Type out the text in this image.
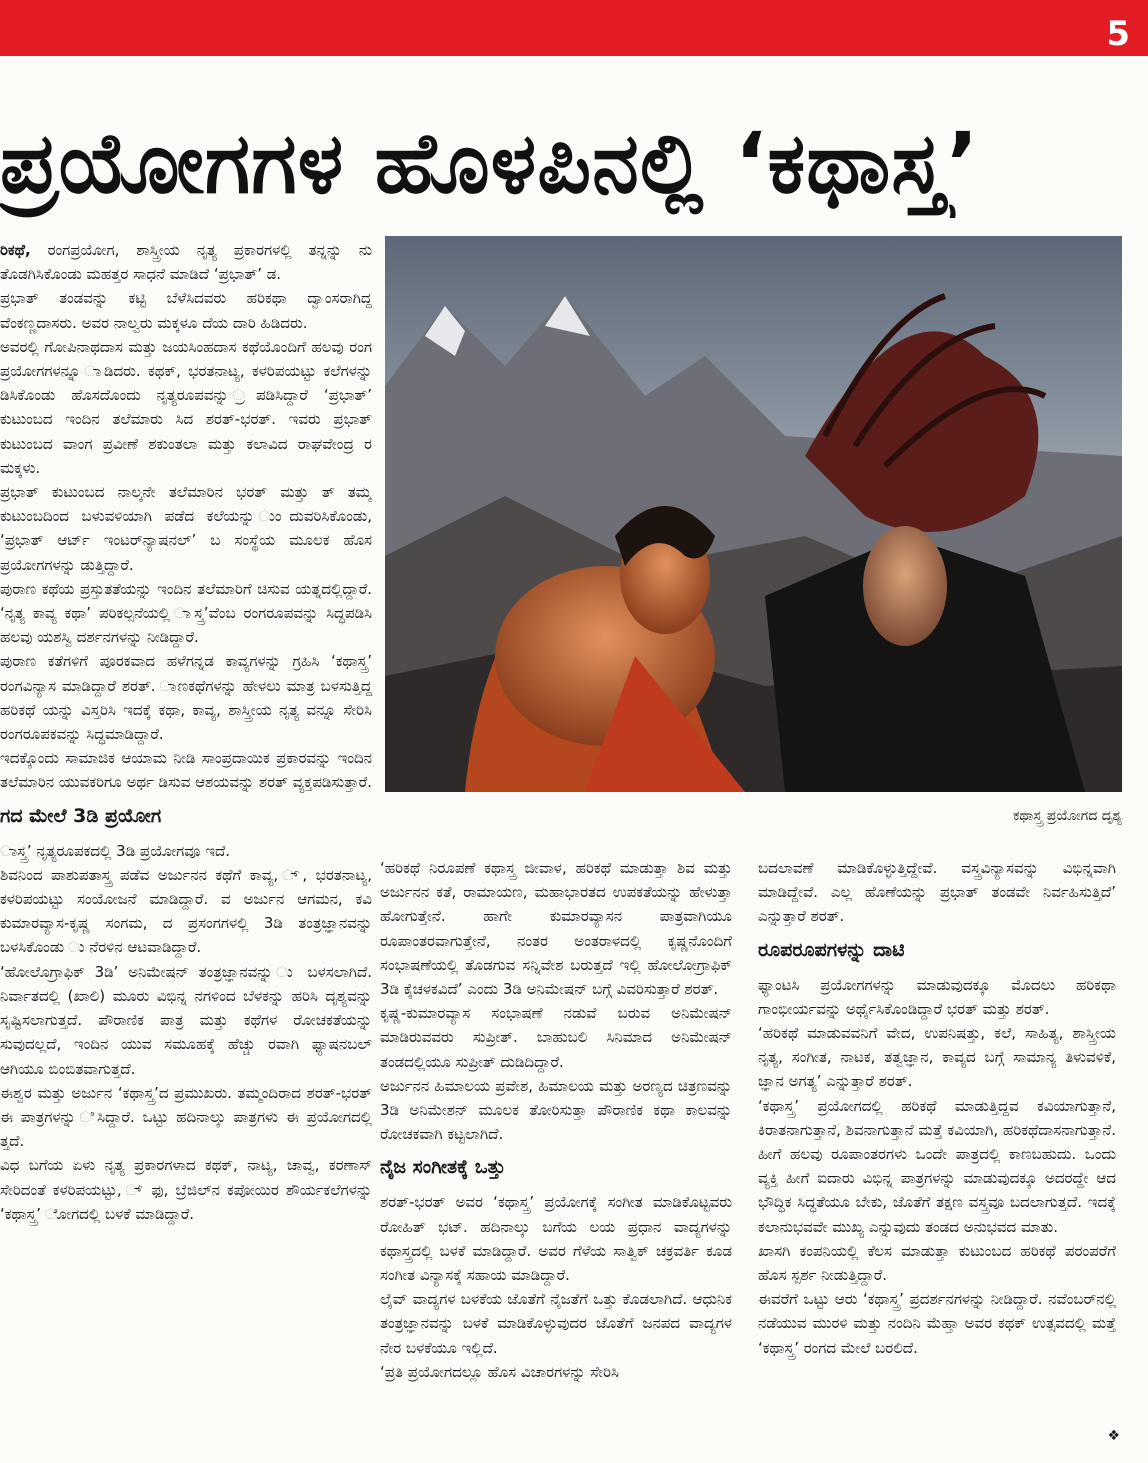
5
ಪ್ರಯೋಗಗಳ ಹೊಳಪಿನಲ್ಲಿ ‘ಕಥಾಸ್ತ್ರ’

ರಿಕಥೆ, ರಂಗಪ್ರಯೋಗ, ಶಾಸ್ತ್ರೀಯ ನೃತ್ಯ ಪ್ರಕಾರಗಳಲ್ಲಿ ತನ್ನನ್ನು ನು ತೊಡಗಿಸಿಕೊಂಡು ಮಹತ್ತರ ಸಾಧನೆ ಮಾಡಿದೆ ‘ಪ್ರಭಾತ್’ ಡ.

ಪ್ರಭಾತ್ ತಂಡವನ್ನು ಕಟ್ಟಿ ಬೆಳೆಸಿದವರು ಹರಿಕಥಾ ದ್ವಾಂಸರಾಗಿದ್ದ ವೆಂಕಣ್ಣದಾಸರು. ಅವರ ನಾಲ್ವರು ಮಕ್ಕಳೂ ದೆಯ ದಾರಿ ಹಿಡಿದರು.

ಅವರಲ್ಲಿ ಗೋಪಿನಾಥದಾಸ ಮತ್ತು ಜಯಸಿಂಹದಾಸ ಕಥೆಯೊಂದಿಗೆ ಹಲವು ರಂಗ ಪ್ರಯೋಗಗಳನ್ನೂ ಾಡಿದರು. ಕಥಕ್, ಭರತನಾಟ್ಯ, ಕಳರಿಪಯಟ್ಟು ಕಲೆಗಳನ್ನು ಡಿಸಿಕೊಂಡು ಹೊಸದೊಂದು ನೃತ್ಯರೂಪವನ್ನು ್ರಪಡಿಸಿದ್ದಾರೆ ‘ಪ್ರಭಾತ್’ ಕುಟುಂಬದ ಇಂದಿನ ತಲೆಮಾರು ಸಿದ ಶರತ್-ಭರತ್. ಇವರು ಪ್ರಭಾತ್ ಕುಟುಂಬದ ವಾಂಗ ಪ್ರವೀಣೆ ಶಕುಂತಲಾ ಮತ್ತು ಕಲಾವಿದ ರಾಘವೇಂದ್ರ ರ ಮಕ್ಕಳು.

ಪ್ರಭಾತ್ ಕುಟುಂಬದ ನಾಲ್ಕನೇ ತಲೆಮಾರಿನ ಭರತ್ ಮತ್ತು ತ್ ತಮ್ಮ ಕುಟುಂಬದಿಂದ ಬಳುವಳಿಯಾಗಿ ಪಡೆದ ಕಲೆಯನ್ನು ುಂದುವರಿಸಿಕೊಂಡು, ‘ಪ್ರಭಾತ್ ಆರ್ಟ್ ಇಂಟರ್‌ನ್ಯಾಷನಲ್’ ಬ ಸಂಸ್ಥೆಯ ಮೂಲಕ ಹೊಸ ಪ್ರಯೋಗಗಳನ್ನು ಡುತ್ತಿದ್ದಾರೆ.

ಪುರಾಣ ಕಥೆಯ ಪ್ರಸ್ತುತತೆಯನ್ನು ಇಂದಿನ ತಲೆಮಾರಿಗೆ ಚಿಸುವ ಯತ್ನದಲ್ಲಿದ್ದಾರೆ. ‘ನೃತ್ಯ ಕಾವ್ಯ ಕಥಾ’ ಪರಿಕಲ್ಪನೆಯಲ್ಲಿ ಾಸ್ತ್ರ’ವೆಂಬ ರಂಗರೂಪವನ್ನು ಸಿದ್ಧಪಡಿಸಿ ಹಲವು ಯಶಸ್ವಿ ದರ್ಶನಗಳನ್ನು ನೀಡಿದ್ದಾರೆ.

ಪುರಾಣ ಕತೆಗಳಿಗೆ ಪೂರಕವಾದ ಹಳೆಗನ್ನಡ ಕಾವ್ಯಗಳನ್ನು ಗ್ರಹಿಸಿ ‘ಕಥಾಸ್ತ್ರ’ ರಂಗವಿನ್ಯಾಸ ಮಾಡಿದ್ದಾರೆ ಶರತ್. ಾಣಕಥೆಗಳನ್ನು ಹೇಳಲು ಮಾತ್ರ ಬಳಸುತ್ತಿದ್ದ ಹರಿಕಥೆ ಯನ್ನು ವಿಸ್ತರಿಸಿ ಇದಕ್ಕೆ ಕಥಾ, ಕಾವ್ಯ, ಶಾಸ್ತ್ರೀಯ ನೃತ್ಯ ವನ್ನೂ ಸೇರಿಸಿ ರಂಗರೂಪಕವನ್ನು ಸಿದ್ಧಮಾಡಿದ್ದಾರೆ.

ಇದಕ್ಕೊಂದು ಸಾಮಾಜಿಕ ಆಯಾಮ ನೀಡಿ ಸಾಂಪ್ರದಾಯಿಕ ಪ್ರಕಾರವನ್ನು ಇಂದಿನ ತಲೆಮಾರಿನ ಯುವಕರಿಗೂ ಅರ್ಥ ಡಿಸುವ ಆಶಯವನ್ನು ಶರತ್ ವ್ಯಕ್ತಪಡಿಸುತ್ತಾರೆ.

ಗದ ಮೇಲೆ 3ಡಿ ಪ್ರಯೋಗ

ಾಸ್ತ್ರ’ ನೃತ್ಯರೂಪಕದಲ್ಲಿ 3ಡಿ ಪ್ರಯೋಗವೂ ಇದೆ.

ಶಿವನಿಂದ ಪಾಶುಪತಾಸ್ತ್ರ ಪಡೆವ ಅರ್ಜುನನ ಕಥೆಗೆ ಕಾವ್ಯ, ್, ಭರತನಾಟ್ಯ, ಕಳರಿಪಯಟ್ಟು ಸಂಯೋಜನೆ ಮಾಡಿದ್ದಾರೆ. ವ ಅರ್ಜುನ ಆಗಮನ, ಕವಿ ಕುಮಾರವ್ಯಾಸ-ಕೃಷ್ಣ ಸಂಗಮ, ದ ಪ್ರಸಂಗಗಳಲ್ಲಿ 3ಡಿ ತಂತ್ರಜ್ಞಾನವನ್ನು ಬಳಸಿಕೊಂಡು ು ನೆರಳಿನ ಆಟವಾಡಿದ್ದಾರೆ.

‘ಹೋಲೊಗ್ರಾಫಿಕ್ 3ಡಿ’ ಅನಿಮೇಷನ್ ತಂತ್ರಜ್ಞಾನವನ್ನು ು ಬಳಸಲಾಗಿದೆ. ನಿರ್ವಾತದಲ್ಲಿ (ಖಾಲಿ) ಮೂರು ವಿಭಿನ್ನ ನಗಳಿಂದ ಬೆಳಕನ್ನು ಹರಿಸಿ ದೃಶ್ಯವನ್ನು ಸೃಷ್ಟಿಸಲಾಗುತ್ತದೆ. ಪೌರಾಣಿಕ ಪಾತ್ರ ಮತ್ತು ಕಥೆಗಳ ರೋಚಕತೆಯನ್ನು ಸುವುದಲ್ಲದೆ, ಇಂದಿನ ಯುವ ಸಮೂಹಕ್ಕೆ ಹೆಚ್ಚು ರವಾಗಿ ಫ್ಯಾಷನಬಲ್ ಆಗಿಯೂ ಬಿಂಬಿತವಾಗುತ್ತದೆ.

ಈಶ್ವರ ಮತ್ತು ಅರ್ಜುನ ‘ಕಥಾಸ್ತ್ರ’ದ ಪ್ರಮುಖರು. ತಮ್ಮಂದಿರಾದ ಶರತ್-ಭರತ್ ಈ ಪಾತ್ರಗಳನ್ನು ಿಸಿದ್ದಾರೆ. ಒಟ್ಟು ಹದಿನಾಲ್ಕು ಪಾತ್ರಗಳು ಈ ಪ್ರಯೋಗದಲ್ಲಿ ತ್ತದೆ.

ವಿಧ ಬಗೆಯ ಏಳು ನೃತ್ಯ ಪ್ರಕಾರಗಳಾದ ಕಥಕ್, ನಾಟ್ಯ, ಚಾವ್ವ, ಕರಣಾಸ್ ಸೇರಿದಂತೆ ಕಳರಿಪಯಟ್ಟು, ್ ಫು, ಬ್ರೆಜಿಲ್‌ನ ಕಪೋಯಿರ ಶೌರ್ಯಕಲೆಗಳನ್ನು ‘ಕಥಾಸ್ತ್ರ’ ೋಗದಲ್ಲಿ ಬಳಕೆ ಮಾಡಿದ್ದಾರೆ.

ಕಥಾಸ್ತ್ರ ಪ್ರಯೋಗದ ದೃಶ್ಯ

‘ಹರಿಕಥೆ ನಿರೂಪಣೆ ಕಥಾಸ್ತ್ರ ಜೀವಾಳ, ಹರಿಕಥೆ ಮಾಡುತ್ತಾ ಶಿವ ಮತ್ತು ಅರ್ಜುನನ ಕತೆ, ರಾಮಾಯಣ, ಮಹಾಭಾರತದ ಉಪಕತೆಯನ್ನು ಹೇಳುತ್ತಾ ಹೋಗುತ್ತೇನೆ. ಹಾಗೇ ಕುಮಾರವ್ಯಾಸನ ಪಾತ್ರವಾಗಿಯೂ ರೂಪಾಂತರವಾಗುತ್ತೇನೆ, ನಂತರ ಅಂತರಾಳದಲ್ಲಿ ಕೃಷ್ಣನೊಂದಿಗೆ ಸಂಭಾಷಣೆಯಲ್ಲಿ ತೊಡಗುವ ಸನ್ನಿವೇಶ ಬರುತ್ತದೆ ಇಲ್ಲಿ ಹೋಲೋಗ್ರಾಫಿಕ್ 3ಡಿ ಕೈಚಳಕವಿದೆ’ ಎಂದು 3ಡಿ ಅನಿಮೇಷನ್ ಬಗ್ಗೆ ವಿವರಿಸುತ್ತಾರೆ ಶರತ್.

ಕೃಷ್ಣ-ಕುಮಾರವ್ಯಾಸ ಸಂಭಾಷಣೆ ನಡುವೆ ಬರುವ ಅನಿಮೇಷನ್ ಮಾಡಿರುವವರು ಸುಪ್ರೀತ್. ಬಾಹುಬಲಿ ಸಿನಿಮಾದ ಅನಿಮೇಷನ್ ತಂಡದಲ್ಲಿಯೂ ಸುಪ್ರೀತ್ ದುಡಿದಿದ್ದಾರೆ.

ಅರ್ಜುನನ ಹಿಮಾಲಯ ಪ್ರವೇಶ, ಹಿಮಾಲಯ ಮತ್ತು ಅರಣ್ಯದ ಚಿತ್ರಣವನ್ನು 3ಡಿ ಅನಿಮೇಶನ್ ಮೂಲಕ ತೋರಿಸುತ್ತಾ ಪೌರಾಣಿಕ ಕಥಾ ಕಾಲವನ್ನು ರೋಚಕವಾಗಿ ಕಟ್ಟಲಾಗಿದೆ.

ನೈಜ ಸಂಗೀತಕ್ಕೆ ಒತ್ತು

ಶರತ್-ಭರತ್ ಅವರ ‘ಕಥಾಸ್ತ್ರ’ ಪ್ರಯೋಗಕ್ಕೆ ಸಂಗೀತ ಮಾಡಿಕೊಟ್ಟವರು ರೋಹಿತ್ ಭಟ್. ಹದಿನಾಲ್ಕು ಬಗೆಯ ಲಯ ಪ್ರಧಾನ ವಾದ್ಯಗಳನ್ನು ಕಥಾಸ್ತ್ರದಲ್ಲಿ ಬಳಕೆ ಮಾಡಿದ್ದಾರೆ. ಅವರ ಗೆಳೆಯ ಸಾತ್ವಿಕ್ ಚಕ್ರವರ್ತಿ ಕೂಡ ಸಂಗೀತ ವಿನ್ಯಾಸಕ್ಕೆ ಸಹಾಯ ಮಾಡಿದ್ದಾರೆ.

ಲೈವ್ ವಾದ್ಯಗಳ ಬಳಕೆಯ ಜೊತೆಗೆ ನೈಜತೆಗೆ ಒತ್ತು ಕೊಡಲಾಗಿದೆ. ಆಧುನಿಕ ತಂತ್ರಜ್ಞಾನವನ್ನು ಬಳಕೆ ಮಾಡಿಕೊಳ್ಳುವುದರ ಜೊತೆಗೆ ಜನಪದ ವಾದ್ಯಗಳ ನೇರ ಬಳಕೆಯೂ ಇಲ್ಲಿದೆ.

‘ಪ್ರತಿ ಪ್ರಯೋಗದಲ್ಲೂ ಹೊಸ ವಿಚಾರಗಳನ್ನು ಸೇರಿಸಿ

ಬದಲಾವಣೆ ಮಾಡಿಕೊಳ್ಳುತ್ತಿದ್ದೇವೆ. ವಸ್ತ್ರವಿನ್ಯಾಸವನ್ನು ವಿಭಿನ್ನವಾಗಿ ಮಾಡಿದ್ದೇವೆ. ಎಲ್ಲ ಹೊಣೆಯನ್ನು ಪ್ರಭಾತ್ ತಂಡವೇ ನಿರ್ವಹಿಸುತ್ತಿದೆ’ ಎನ್ನುತ್ತಾರೆ ಶರತ್.

ರೂಪರೂಪಗಳನ್ನು ದಾಟಿ

ಫ್ಯಾಂಟಸಿ ಪ್ರಯೋಗಗಳನ್ನು ಮಾಡುವುದಕ್ಕೂ ಮೊದಲು ಹರಿಕಥಾ ಗಾಂಭೀರ್ಯವನ್ನು ಅರ್ಥೈಸಿಕೊಂಡಿದ್ದಾರೆ ಭರತ್ ಮತ್ತು ಶರತ್.

‘ಹರಿಕಥೆ ಮಾಡುವವನಿಗೆ ವೇದ, ಉಪನಿಷತ್ತು, ಕಲೆ, ಸಾಹಿತ್ಯ, ಶಾಸ್ತ್ರೀಯ ನೃತ್ಯ, ಸಂಗೀತ, ನಾಟಕ, ತತ್ವಜ್ಞಾನ, ಕಾವ್ಯದ ಬಗ್ಗೆ ಸಾಮಾನ್ಯ ತಿಳುವಳಿಕೆ, ಜ್ಞಾನ ಅಗತ್ಯ’ ಎನ್ನುತ್ತಾರೆ ಶರತ್.

‘ಕಥಾಸ್ತ್ರ’ ಪ್ರಯೋಗದಲ್ಲಿ ಹರಿಕಥೆ ಮಾಡುತ್ತಿದ್ದವ ಕವಿಯಾಗುತ್ತಾನೆ, ಕಿರಾತನಾಗುತ್ತಾನೆ, ಶಿವನಾಗುತ್ತಾನೆ ಮತ್ತೆ ಕವಿಯಾಗಿ, ಹರಿಕಥೆದಾಸನಾಗುತ್ತಾನೆ. ಹೀಗೆ ಹಲವು ರೂಪಾಂತರಗಳು ಒಂದೇ ಪಾತ್ರದಲ್ಲಿ ಕಾಣಬಹುದು. ಒಂದು ವ್ಯಕ್ತಿ ಹೀಗೆ ಐದಾರು ವಿಭಿನ್ನ ಪಾತ್ರಗಳನ್ನು ಮಾಡುವುದಕ್ಕೂ ಅದರದ್ದೇ ಆದ ಭೌದ್ಧಿಕ ಸಿದ್ಧತೆಯೂ ಬೇಕು, ಜೊತೆಗೆ ತಕ್ಷಣ ವಸ್ತ್ರವೂ ಬದಲಾಗುತ್ತದೆ. ಇದಕ್ಕೆ ಕಲಾನುಭವವೇ ಮುಖ್ಯ ಎನ್ನುವುದು ತಂಡದ ಅನುಭವದ ಮಾತು.

ಖಾಸಗಿ ಕಂಪನಿಯಲ್ಲಿ ಕೆಲಸ ಮಾಡುತ್ತಾ ಕುಟುಂಬದ ಹರಿಕಥೆ ಪರಂಪರೆಗೆ ಹೊಸ ಸ್ಪರ್ಶ ನೀಡುತ್ತಿದ್ದಾರೆ.

ಈವರೆಗೆ ಒಟ್ಟು ಆರು ‘ಕಥಾಸ್ತ್ರ’ ಪ್ರದರ್ಶನಗಳನ್ನು ನೀಡಿದ್ದಾರೆ. ನವೆಂಬರ್‌ನಲ್ಲಿ ನಡೆಯುವ ಮುರಳಿ ಮತ್ತು ನಂದಿನಿ ಮೆಹ್ತಾ ಅವರ ಕಥಕ್ ಉತ್ಸವದಲ್ಲಿ ಮತ್ತೆ ‘ಕಥಾಸ್ತ್ರ’ ರಂಗದ ಮೇಲೆ ಬರಲಿದೆ.

❖
